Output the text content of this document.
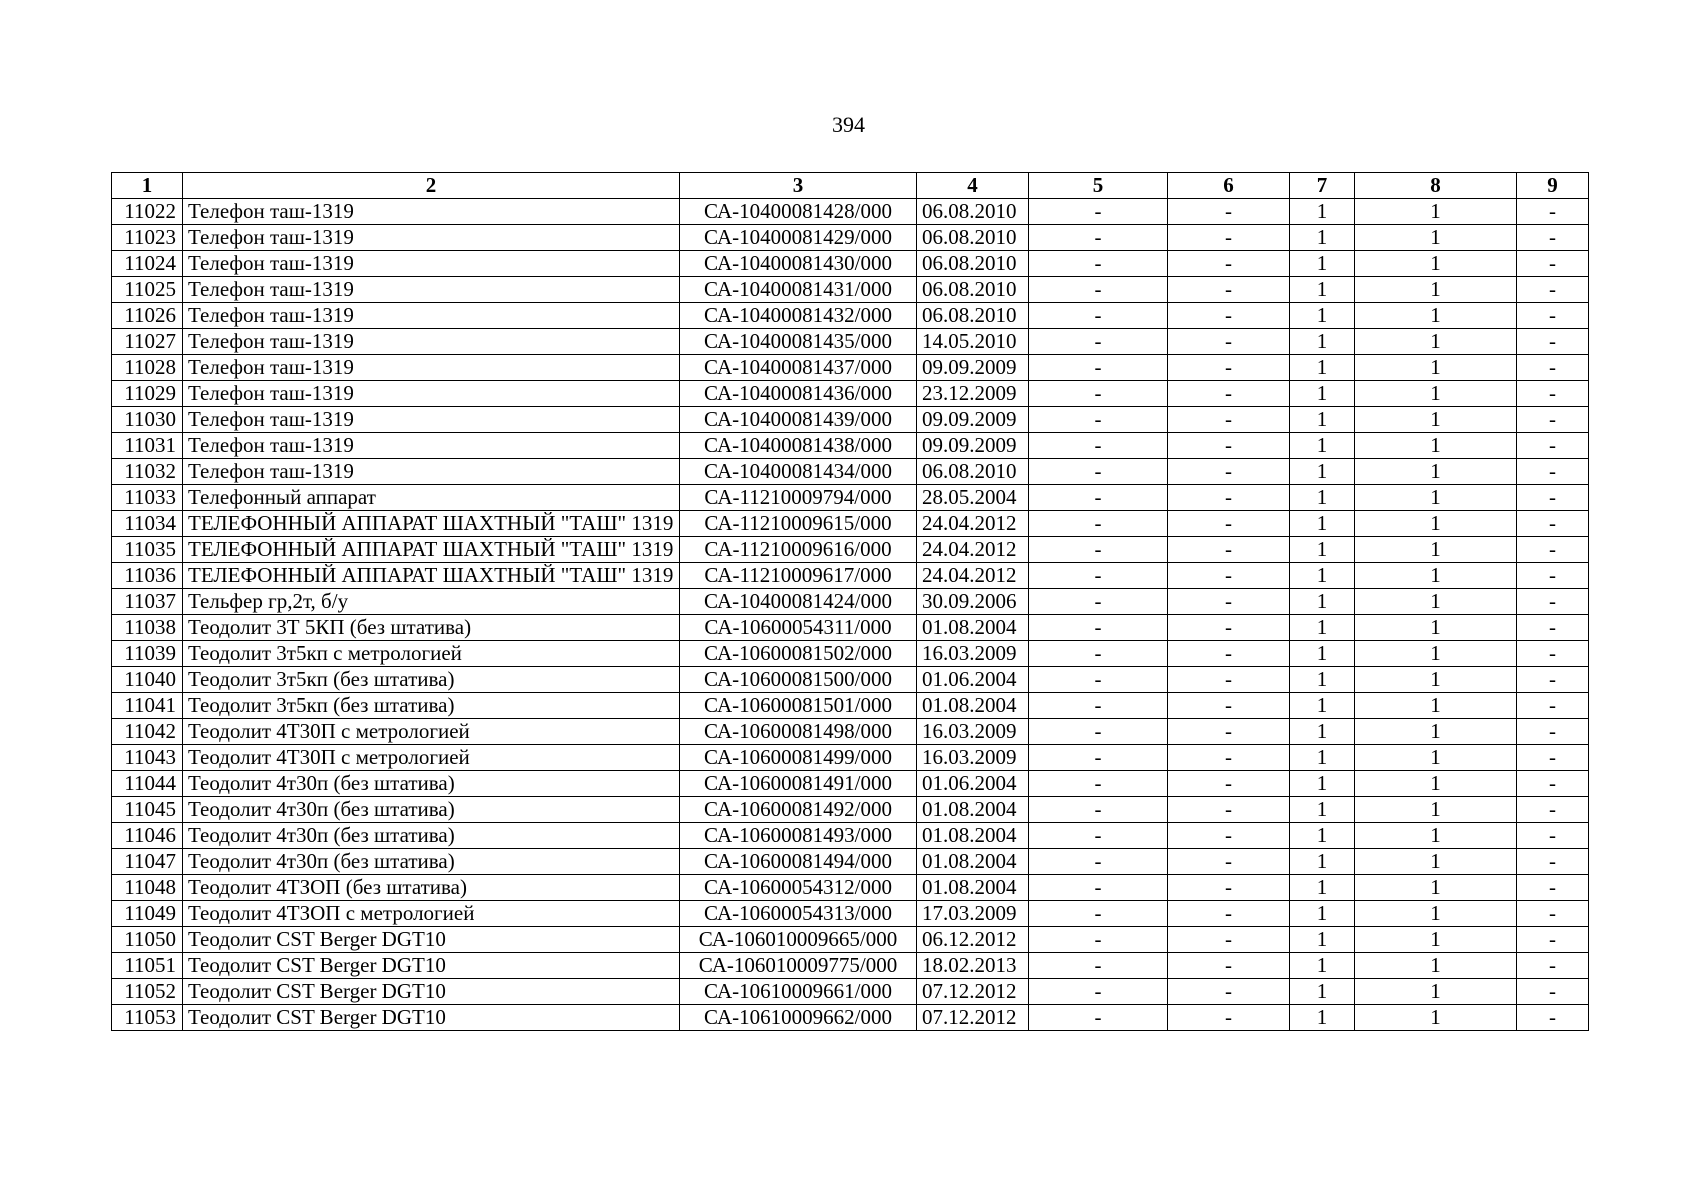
394
1	2	3	4	5	6	7	8	9
11022	Телефон таш-1319	СА-10400081428/000	06.08.2010	-	-	1	1	-
11023	Телефон таш-1319	СА-10400081429/000	06.08.2010	-	-	1	1	-
11024	Телефон таш-1319	СА-10400081430/000	06.08.2010	-	-	1	1	-
11025	Телефон таш-1319	СА-10400081431/000	06.08.2010	-	-	1	1	-
11026	Телефон таш-1319	СА-10400081432/000	06.08.2010	-	-	1	1	-
11027	Телефон таш-1319	СА-10400081435/000	14.05.2010	-	-	1	1	-
11028	Телефон таш-1319	СА-10400081437/000	09.09.2009	-	-	1	1	-
11029	Телефон таш-1319	СА-10400081436/000	23.12.2009	-	-	1	1	-
11030	Телефон таш-1319	СА-10400081439/000	09.09.2009	-	-	1	1	-
11031	Телефон таш-1319	СА-10400081438/000	09.09.2009	-	-	1	1	-
11032	Телефон таш-1319	СА-10400081434/000	06.08.2010	-	-	1	1	-
11033	Телефонный аппарат	СА-11210009794/000	28.05.2004	-	-	1	1	-
11034	ТЕЛЕФОННЫЙ АППАРАТ ШАХТНЫЙ "ТАШ" 1319	СА-11210009615/000	24.04.2012	-	-	1	1	-
11035	ТЕЛЕФОННЫЙ АППАРАТ ШАХТНЫЙ "ТАШ" 1319	СА-11210009616/000	24.04.2012	-	-	1	1	-
11036	ТЕЛЕФОННЫЙ АППАРАТ ШАХТНЫЙ "ТАШ" 1319	СА-11210009617/000	24.04.2012	-	-	1	1	-
11037	Тельфер гр,2т, б/у	СА-10400081424/000	30.09.2006	-	-	1	1	-
11038	Теодолит 3Т 5КП (без штатива)	СА-10600054311/000	01.08.2004	-	-	1	1	-
11039	Теодолит 3т5кп с метрологией	СА-10600081502/000	16.03.2009	-	-	1	1	-
11040	Теодолит 3т5кп (без штатива)	СА-10600081500/000	01.06.2004	-	-	1	1	-
11041	Теодолит 3т5кп (без штатива)	СА-10600081501/000	01.08.2004	-	-	1	1	-
11042	Теодолит 4Т30П с метрологией	СА-10600081498/000	16.03.2009	-	-	1	1	-
11043	Теодолит 4Т30П с метрологией	СА-10600081499/000	16.03.2009	-	-	1	1	-
11044	Теодолит 4т30п (без штатива)	СА-10600081491/000	01.06.2004	-	-	1	1	-
11045	Теодолит 4т30п (без штатива)	СА-10600081492/000	01.08.2004	-	-	1	1	-
11046	Теодолит 4т30п (без штатива)	СА-10600081493/000	01.08.2004	-	-	1	1	-
11047	Теодолит 4т30п (без штатива)	СА-10600081494/000	01.08.2004	-	-	1	1	-
11048	Теодолит 4ТЗОП (без штатива)	СА-10600054312/000	01.08.2004	-	-	1	1	-
11049	Теодолит 4ТЗОП с метрологией	СА-10600054313/000	17.03.2009	-	-	1	1	-
11050	Теодолит CST Berger DGT10	СА-106010009665/000	06.12.2012	-	-	1	1	-
11051	Теодолит CST Berger DGT10	СА-106010009775/000	18.02.2013	-	-	1	1	-
11052	Теодолит CST Berger DGT10	СА-10610009661/000	07.12.2012	-	-	1	1	-
11053	Теодолит CST Berger DGT10	СА-10610009662/000	07.12.2012	-	-	1	1	-
